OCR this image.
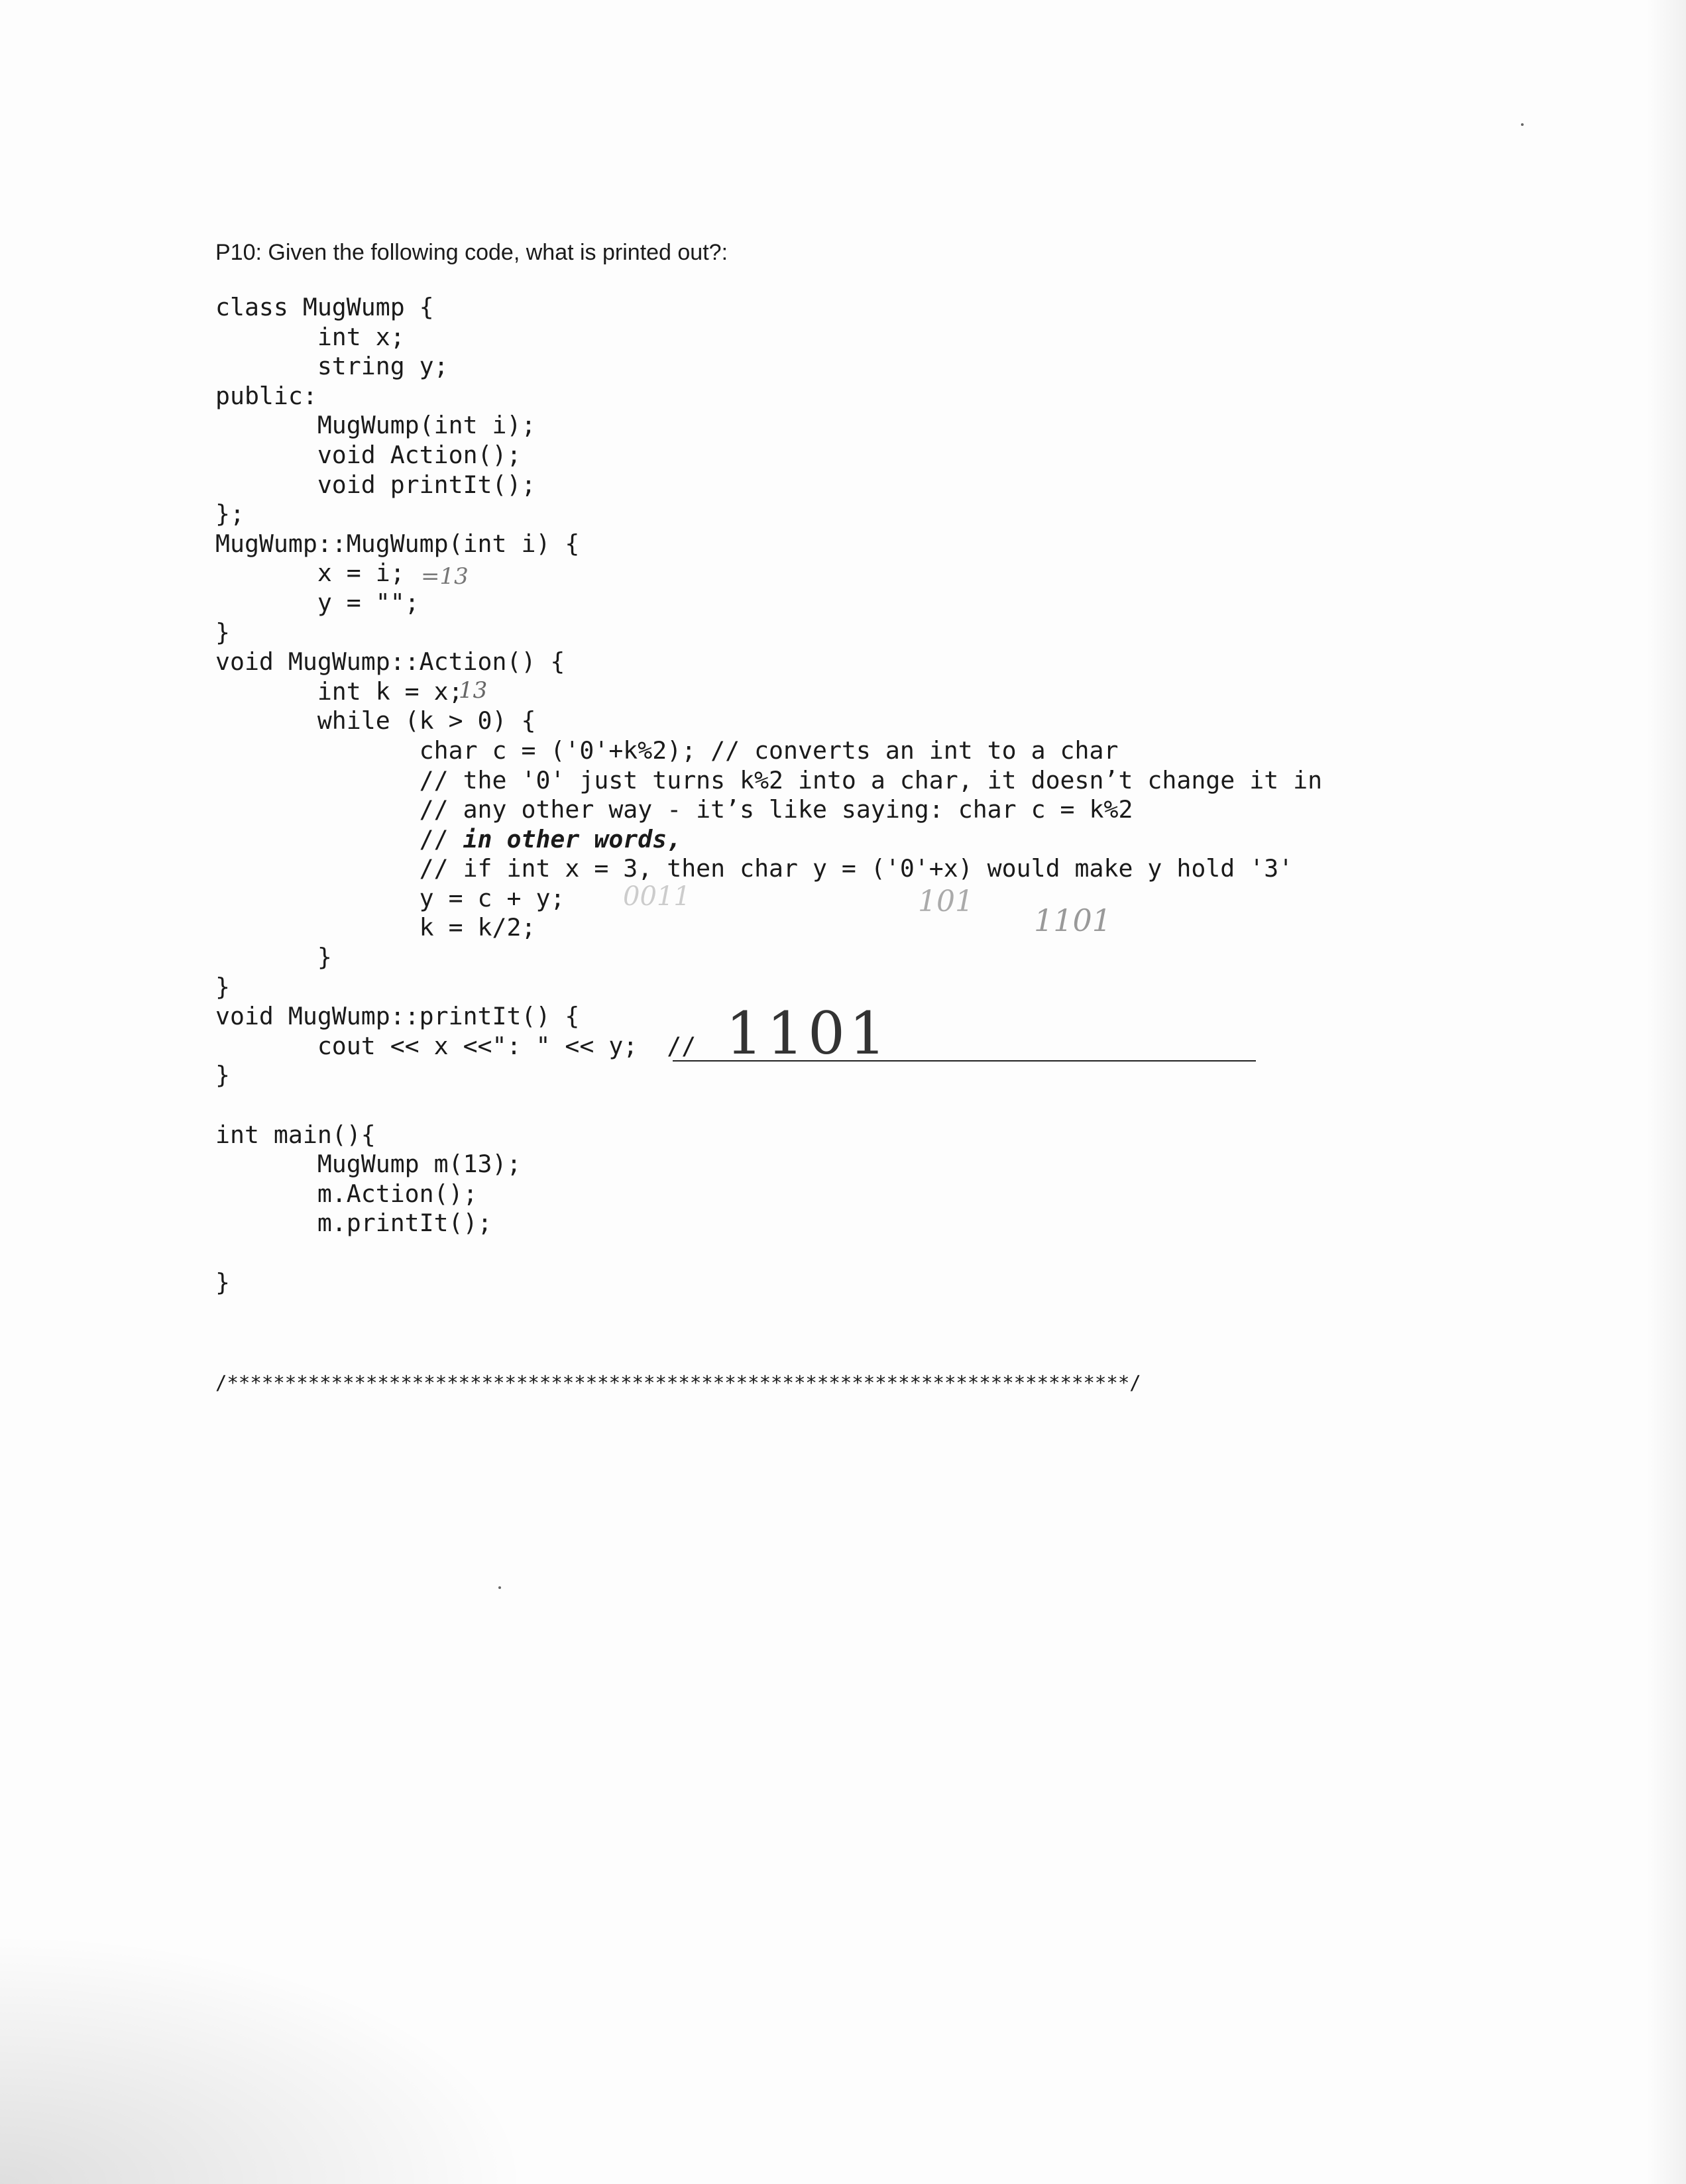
P10: Given the following code, what is printed out?:
class MugWump {
int x;
string y;
public:
MugWump(int i);
void Action();
void printIt();
};
MugWump::MugWump(int i) {
x = i;
y = "";
}
void MugWump::Action() {
int k = x;
while (k > 0) {
char c = ('0'+k%2); // converts an int to a char
// the '0' just turns k%2 into a char, it doesn’t change it in
// any other way - it’s like saying: char c = k%2
// in other words,
// if int x = 3, then char y = ('0'+x) would make y hold '3'
y = c + y;
k = k/2;
}
}
void MugWump::printIt() {
cout << x <<": " << y;  //
}
int main(){
MugWump m(13);
m.Action();
m.printIt();
}
1101
=13
13
0011	101
1101
/******************************************************************************/
